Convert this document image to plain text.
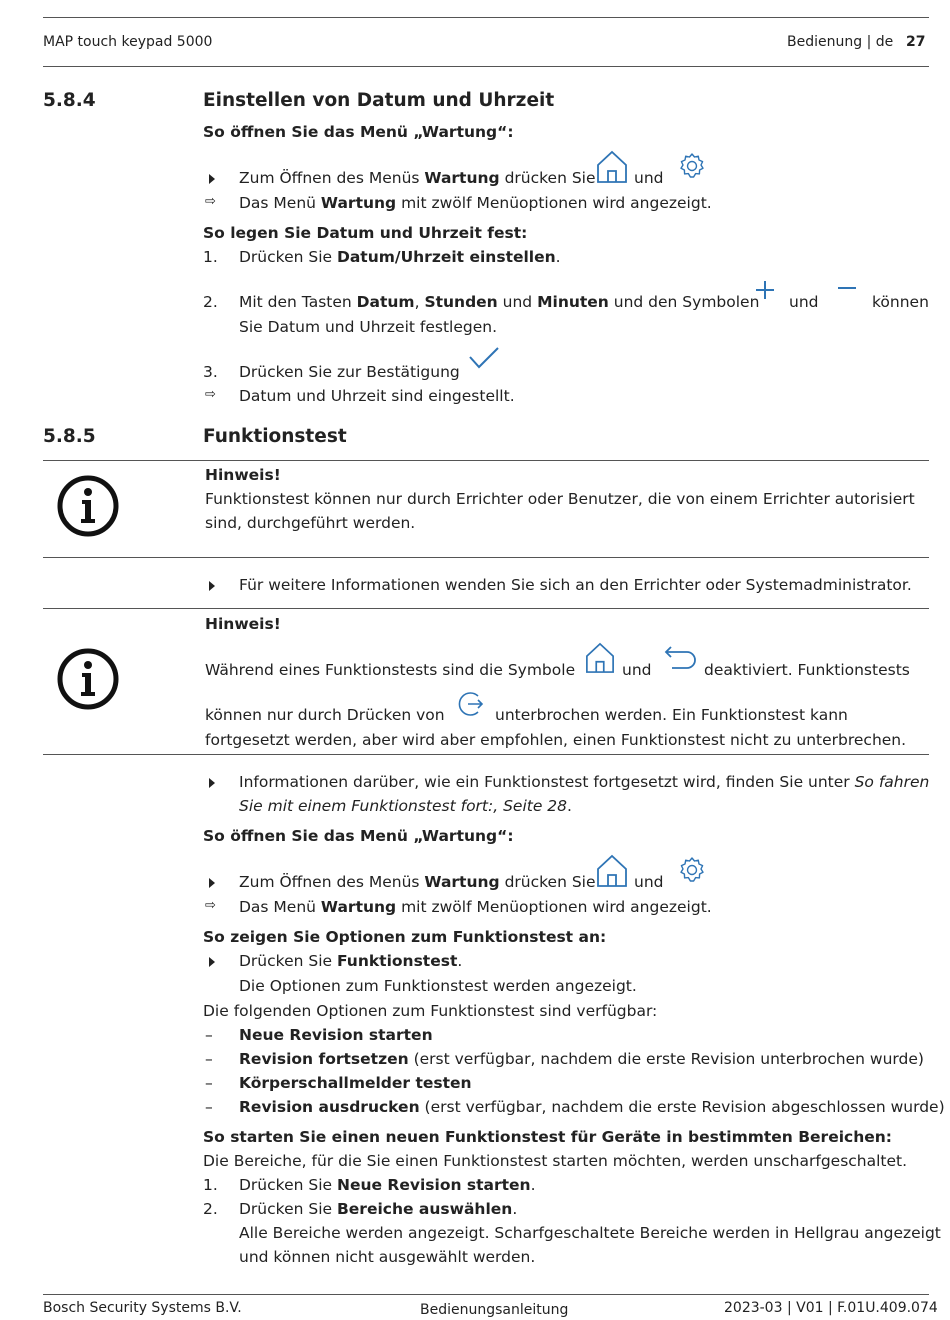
MAP touch keypad 5000	Bedienung | de 27
5.8.4	Einstellen von Datum und Uhrzeit
So öffnen Sie das Menü „Wartung“:
Zum Öffnen des Menüs Wartung drücken Sie und
⇨ Das Menü Wartung mit zwölf Menüoptionen wird angezeigt.
So legen Sie Datum und Uhrzeit fest:
1. Drücken Sie Datum/Uhrzeit einstellen.
2. Mit den Tasten Datum, Stunden und Minuten und den Symbolen und	können
Sie Datum und Uhrzeit festlegen.
3. Drücken Sie zur Bestätigung
⇨ Datum und Uhrzeit sind eingestellt.
5.8.5	Funktionstest
Hinweis!
Funktionstest können nur durch Errichter oder Benutzer, die von einem Errichter autorisiert
sind, durchgeführt werden.
Für weitere Informationen wenden Sie sich an den Errichter oder Systemadministrator.
Hinweis!
Während eines Funktionstests sind die Symbole	und	deaktiviert. Funktionstests
können nur durch Drücken von	unterbrochen werden. Ein Funktionstest kann
fortgesetzt werden, aber wird aber empfohlen, einen Funktionstest nicht zu unterbrechen.
Informationen darüber, wie ein Funktionstest fortgesetzt wird, finden Sie unter So fahren
Sie mit einem Funktionstest fort:, Seite 28.
So öffnen Sie das Menü „Wartung“:
Zum Öffnen des Menüs Wartung drücken Sie und
⇨ Das Menü Wartung mit zwölf Menüoptionen wird angezeigt.
So zeigen Sie Optionen zum Funktionstest an:
Drücken Sie Funktionstest.
Die Optionen zum Funktionstest werden angezeigt.
Die folgenden Optionen zum Funktionstest sind verfügbar:
– Neue Revision starten
– Revision fortsetzen (erst verfügbar, nachdem die erste Revision unterbrochen wurde)
– Körperschallmelder testen
– Revision ausdrucken (erst verfügbar, nachdem die erste Revision abgeschlossen wurde)
So starten Sie einen neuen Funktionstest für Geräte in bestimmten Bereichen:
Die Bereiche, für die Sie einen Funktionstest starten möchten, werden unscharfgeschaltet.
1. Drücken Sie Neue Revision starten.
2. Drücken Sie Bereiche auswählen.
Alle Bereiche werden angezeigt. Scharfgeschaltete Bereiche werden in Hellgrau angezeigt
und können nicht ausgewählt werden.
Bosch Security Systems B.V.	Bedienungsanleitung	2023-03 | V01 | F.01U.409.074
